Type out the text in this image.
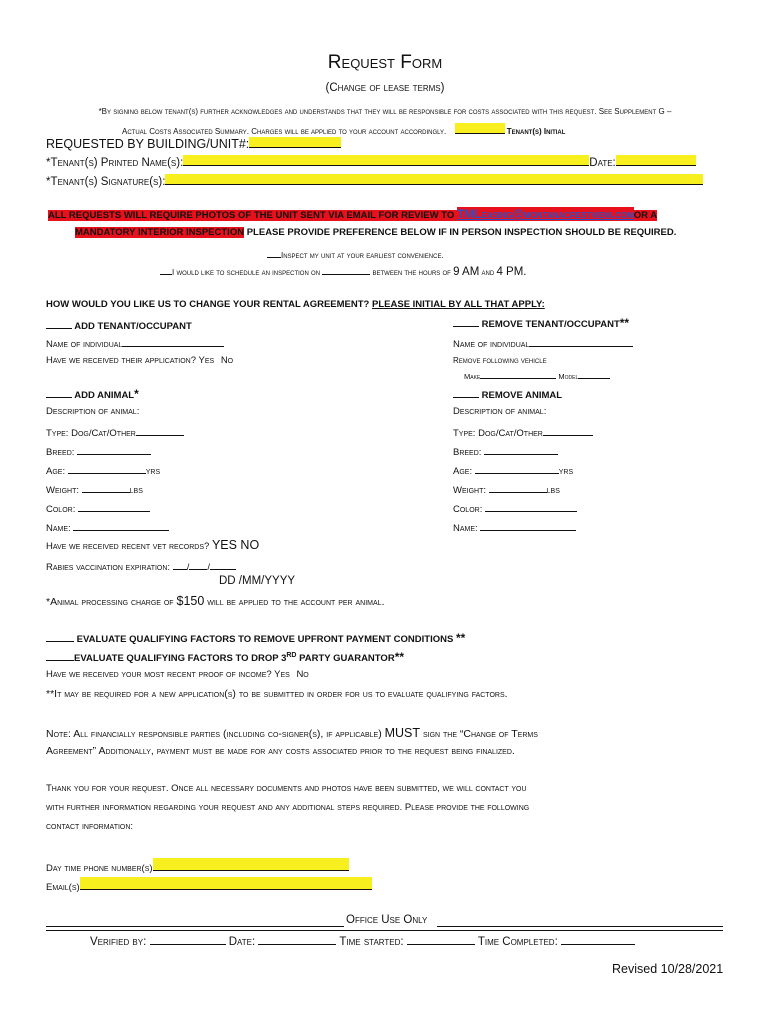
Request Form
(Change of lease terms)
*By signing below tenant(s) further acknowledges and understands that they will be responsible for costs associated with this request. See Supplement G –
Actual Costs Associated Summary. Charges will be applied to your account accordingly.	Tenant(s) Initial
REQUESTED BY BUILDING/UNIT#:
*Tenant(s) Printed Name(s):	Date:
*Tenant(s) Signature(s):
ALL REQUESTS WILL REQUIRE PHOTOS OF THE UNIT SENT VIA EMAIL FOR REVIEW TO TMLeasing@montanacrestview.comOR A
MANDATORY INTERIOR INSPECTION PLEASE PROVIDE PREFERENCE BELOW IF IN PERSON INSPECTION SHOULD BE REQUIRED.
Inspect my unit at your earliest convenience.
I would like to schedule an inspection on	between the hours of 9 AM and 4 PM.
HOW WOULD YOU LIKE US TO CHANGE YOUR RENTAL AGREEMENT? PLEASE INITIAL BY ALL THAT APPLY:
ADD TENANT/OCCUPANT
Name of individual
Have we received their application? Yes No
REMOVE TENANT/OCCUPANT**
Name of individual
Remove following vehicle
Make	Model
ADD ANIMAL*
Description of animal:
Type: Dog/Cat/Other
Breed:
Age:	yrs
Weight:	lbs
Color:
Name:
Have we received recent vet records? YES NO
Rabies vaccination expiration: / /
DD /MM/YYYY
*Animal processing charge of $150 will be applied to the account per animal.
REMOVE ANIMAL
Description of animal:
Type: Dog/Cat/Other
Breed:
Age:	yrs
Weight:	lbs
Color:
Name:
EVALUATE QUALIFYING FACTORS TO REMOVE UPFRONT PAYMENT CONDITIONS **
EVALUATE QUALIFYING FACTORS TO DROP 3RD PARTY GUARANTOR**
Have we received your most recent proof of income? Yes No
**It may be required for a new application(s) to be submitted in order for us to evaluate qualifying factors.
Note: All financially responsible parties (including co-signer(s), if applicable) MUST sign the “Change of Terms
Agreement” Additionally, payment must be made for any costs associated prior to the request being finalized.
Thank you for your request. Once all necessary documents and photos have been submitted, we will contact you
with further information regarding your request and any additional steps required. Please provide the following
contact information:
Day time phone number(s)
Email(s)
Office Use Only
Verified by:	Date:	Time started:	Time Completed:
Revised 10/28/2021
